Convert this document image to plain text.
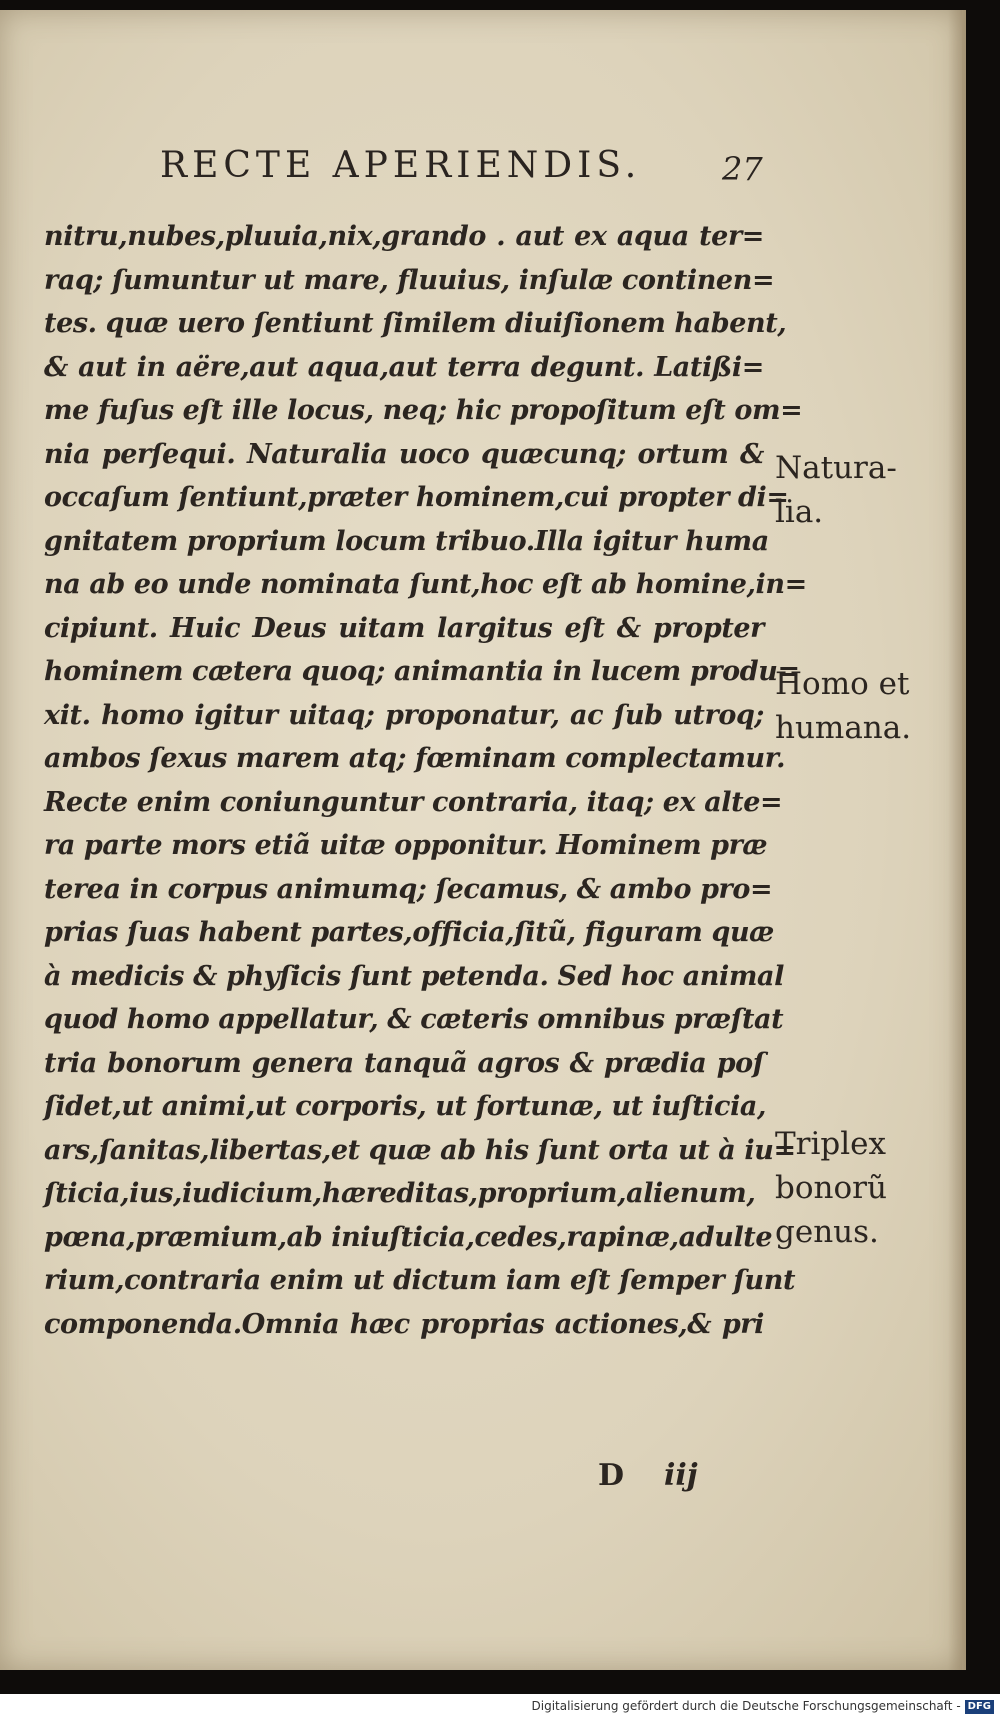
RECTE APERIENDIS.	27
nitru,nubes,pluuia,nix,grando . aut ex aqua ter=
raq; ſumuntur ut mare, fluuius, inſulæ continen=
tes. quæ uero ſentiunt ſimilem diuiſionem habent,
& aut in aëre,aut aqua,aut terra degunt. Latißi=
me fuſus eſt ille locus, neq; hic propoſitum eſt om=
nia perſequi. Naturalia uoco quæcunq; ortum &
occaſum ſentiunt,præter hominem,cui propter di=
gnitatem proprium locum tribuo.Illa igitur huma
na ab eo unde nominata ſunt,hoc eſt ab homine,in=
cipiunt. Huic Deus uitam largitus eſt & propter
hominem cætera quoq; animantia in lucem produ=
xit. homo igitur uitaq; proponatur, ac ſub utroq;
ambos ſexus marem atq; fœminam complectamur.
Recte enim coniunguntur contraria, itaq; ex alte=
ra parte mors etiã uitæ opponitur. Hominem præ
terea in corpus animumq; ſecamus, & ambo pro=
prias ſuas habent partes,officia,ſitũ, figuram quæ
à medicis & phyſicis ſunt petenda. Sed hoc animal
quod homo appellatur, & cæteris omnibus præſtat
tria bonorum genera tanquã agros & prædia poſ
ſidet,ut animi,ut corporis, ut fortunæ, ut iuſticia,
ars,ſanitas,libertas,et quæ ab his ſunt orta ut à iu=
ſticia,ius,iudicium,hæreditas,proprium,alienum,
pœna,præmium,ab iniuſticia,cedes,rapinæ,adulte
rium,contraria enim ut dictum iam eſt ſemper ſunt
componenda.Omnia hæc proprias actiones,& pri
Natura-
lia.
Homo et
humana.
Triplex
bonorũ
genus.
D iij
Digitalisierung gefördert durch die Deutsche Forschungsgemeinschaft - DFG
